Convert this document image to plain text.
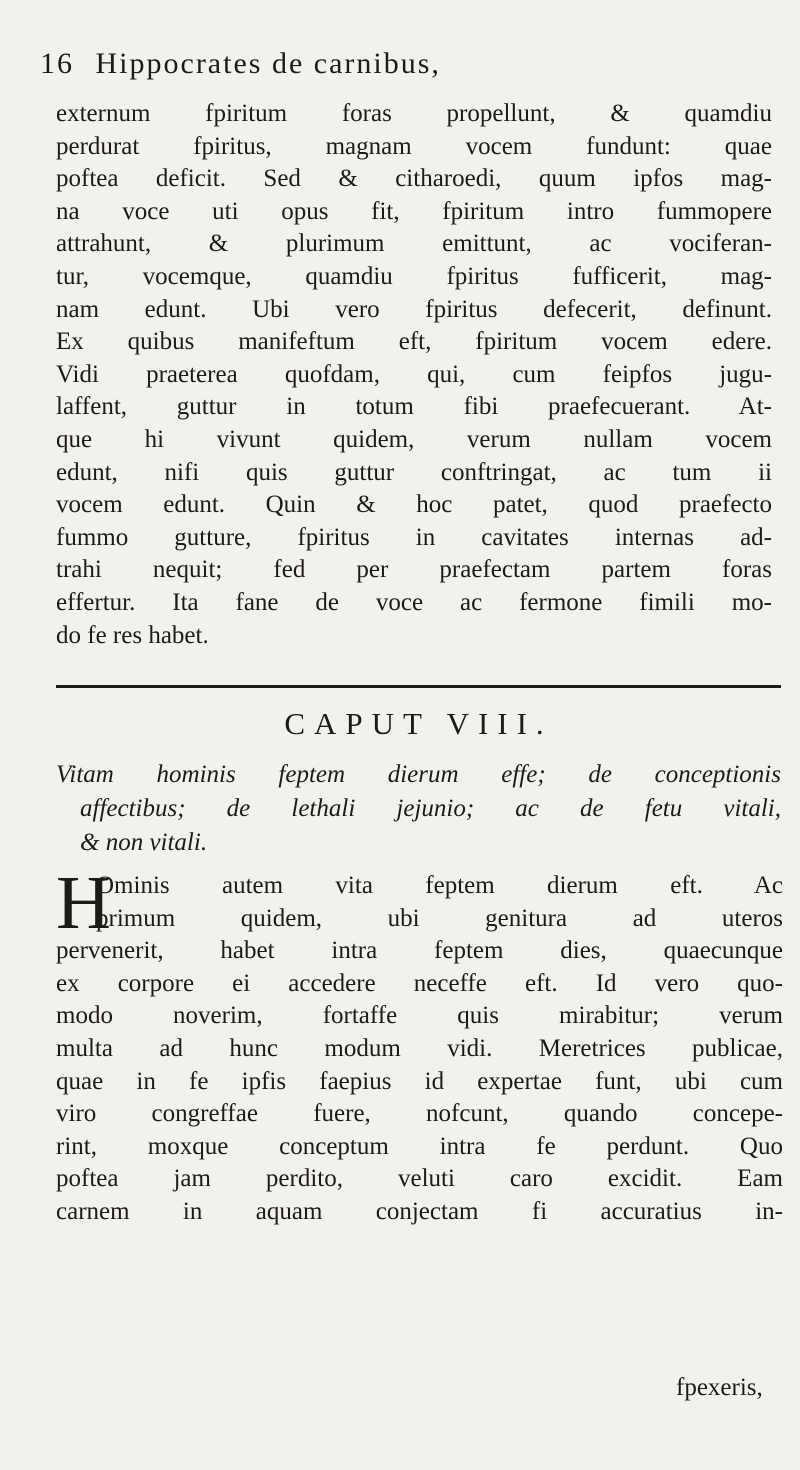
16 Hippocrates de carnibus,
externum fpiritum foras propellunt, & quamdiu
perdurat fpiritus, magnam vocem fundunt: quae
poftea deficit. Sed & citharoedi, quum ipfos mag-
na voce uti opus fit, fpiritum intro fummopere
attrahunt, & plurimum emittunt, ac vociferan-
tur, vocemque, quamdiu fpiritus fufficerit, mag-
nam edunt. Ubi vero fpiritus defecerit, definunt.
Ex quibus manifeftum eft, fpiritum vocem edere.
Vidi praeterea quofdam, qui, cum feipfos jugu-
laffent, guttur in totum fibi praefecuerant. At-
que hi vivunt quidem, verum nullam vocem
edunt, nifi quis guttur conftringat, ac tum ii
vocem edunt. Quin & hoc patet, quod praefecto
fummo gutture, fpiritus in cavitates internas ad-
trahi nequit; fed per praefectam partem foras
effertur. Ita fane de voce ac fermone fimili mo-
do fe res habet.
CAPUT VIII.
Vitam hominis feptem dierum effe; de conceptionis
affectibus; de lethali jejunio; ac de fetu vitali,
& non vitali.
H
Ominis autem vita feptem dierum eft. Ac
primum quidem, ubi genitura ad uteros
pervenerit, habet intra feptem dies, quaecunque
ex corpore ei accedere neceffe eft. Id vero quo-
modo noverim, fortaffe quis mirabitur; verum
multa ad hunc modum vidi. Meretrices publicae,
quae in fe ipfis faepius id expertae funt, ubi cum
viro congreffae fuere, nofcunt, quando concepe-
rint, moxque conceptum intra fe perdunt. Quo
poftea jam perdito, veluti caro excidit. Eam
carnem in aquam conjectam fi accuratius in-
fpexeris,
